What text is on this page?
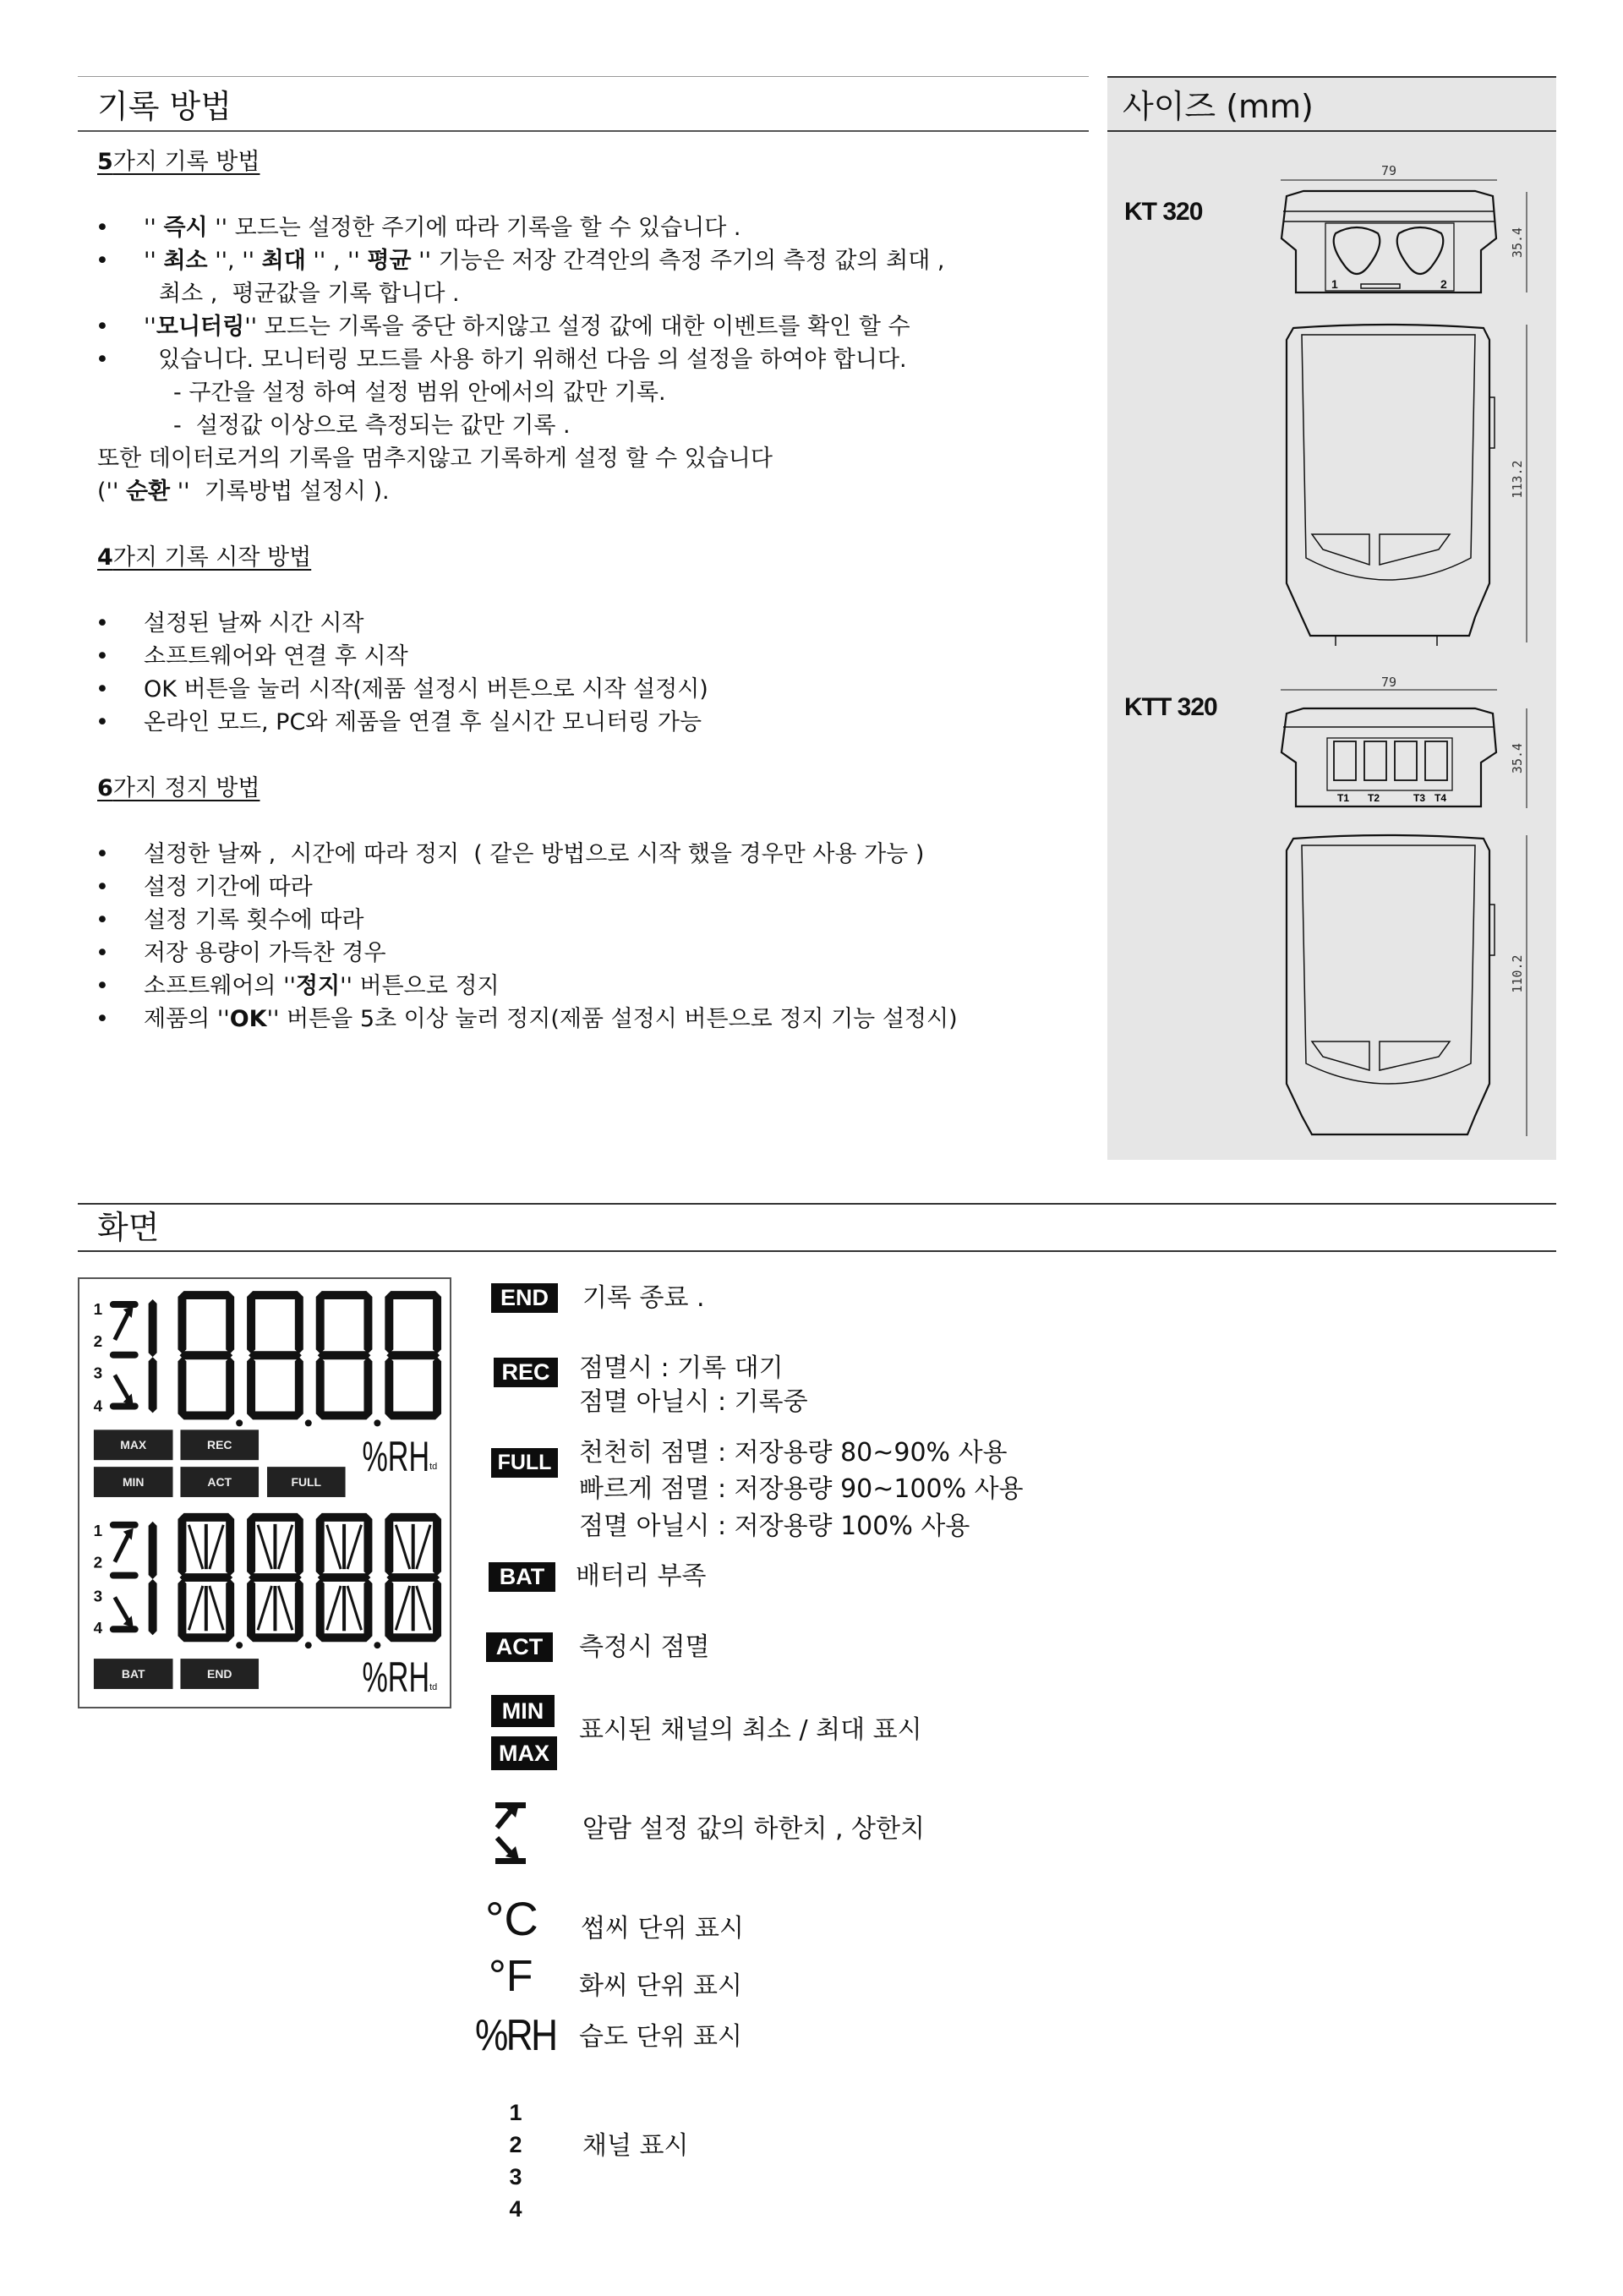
기록 방법
5가지 기록 방법
• '' 즉시 '' 모드는 설정한 주기에 따라 기록을 할 수 있습니다 .
• '' 최소 '', '' 최대 '' , '' 평균 '' 기능은 저장 간격안의 측정 주기의 측정 값의 최대 ,
최소 ,  평균값을 기록 합니다 .
• ''모니터링'' 모드는 기록을 중단 하지않고 설정 값에 대한 이벤트를 확인 할 수
• 있습니다. 모니터링 모드를 사용 하기 위해선 다음 의 설정을 하여야 합니다.
- 구간을 설정 하여 설정 범위 안에서의 값만 기록.
-  설정값 이상으로 측정되는 값만 기록 .
또한 데이터로거의 기록을 멈추지않고 기록하게 설정 할 수 있습니다
('' 순환 ''  기록방법 설정시 ).
4가지 기록 시작 방법
• 설정된 날짜 시간 시작
• 소프트웨어와 연결 후 시작
• OK 버튼을 눌러 시작(제품 설정시 버튼으로 시작 설정시)
• 온라인 모드, PC와 제품을 연결 후 실시간 모니터링 가능
6가지 정지 방법
• 설정한 날짜 ,  시간에 따라 정지  ( 같은 방법으로 시작 했을 경우만 사용 가능 )
• 설정 기간에 따라
• 설정 기록 횟수에 따라
• 저장 용량이 가득찬 경우
• 소프트웨어의 ''정지'' 버튼으로 정지
• 제품의 ''OK'' 버튼을 5초 이상 눌러 정지(제품 설정시 버튼으로 정지 기능 설정시)
사이즈 (mm)
KT 320
KTT 320
79
1	2
35.4
113.2
79
T1 T2	T3 T4
35.4
110.2
화면
1
2
3
4
1
2
3
4
MAX	REC
MIN	ACT	FULL
BAT	END
%RH td
%RH td
END	기록 종료 .
REC	점멸시 : 기록 대기
점멸 아닐시 : 기록중
FULL 천천히 점멸 : 저장용량 80~90% 사용
빠르게 점멸 : 저장용량 90~100% 사용
점멸 아닐시 : 저장용량 100% 사용
BAT	배터리 부족
ACT	측정시 점멸
MIN
MAX
표시된 채널의 최소 / 최대 표시
알람 설정 값의 하한치 , 상한치
°C 썹씨 단위 표시
°F 화씨 단위 표시
%RH 습도 단위 표시
1
2
3
4
채널 표시
